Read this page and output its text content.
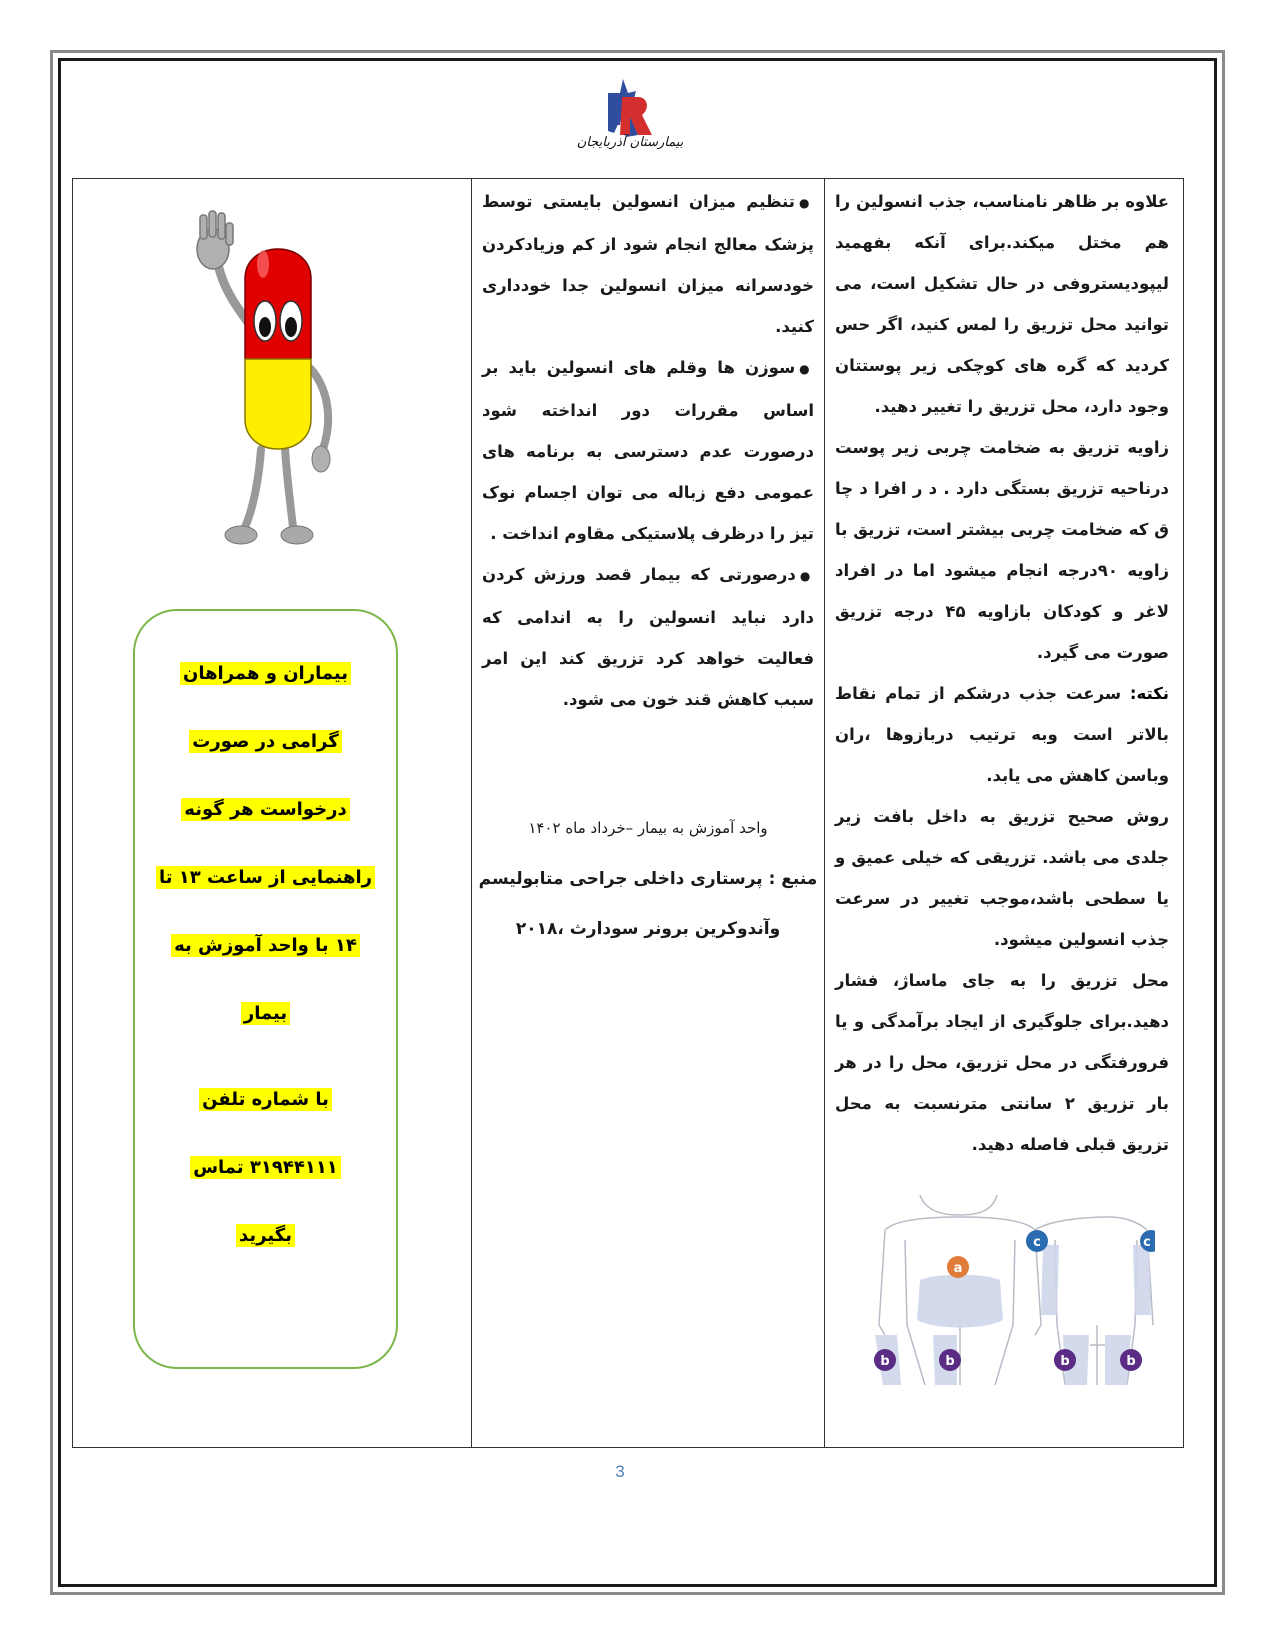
بیمارستان آذربایجان
بیماران و همراهان
گرامی در صورت
درخواست هر گونه
راهنمایی از ساعت ۱۳ تا
۱۴ با واحد آموزش به
بیمار
با شماره تلفن
۳۱۹۴۴۱۱۱ تماس
بگیرید

● تنظیم میزان انسولین بایستی توسط پزشک معالج انجام شود از کم وزیادکردن خودسرانه میزان انسولین جدا خودداری کنید.

● سوزن ها وقلم های انسولین باید بر اساس مقررات دور انداخته شود درصورت عدم دسترسی به برنامه های عمومی دفع زباله می توان اجسام نوک تیز را درظرف پلاستیکی مقاوم انداخت .

● درصورتی که بیمار قصد ورزش کردن دارد نباید انسولین را به اندامی که فعالیت خواهد کرد تزریق کند این امر سبب کاهش قند خون می شود.

واحد آموزش به بیمار –خرداد ماه ۱۴۰۲
منبع : پرستاری داخلی جراحی متابولیسم
وآندوکرین برونر سودارث ،۲۰۱۸

علاوه بر ظاهر نامناسب، جذب انسولین را هم مختل میکند.برای آنکه بفهمید لیپودیستروفی در حال تشکیل است، می توانید محل تزریق را لمس کنید، اگر حس کردید که گره های کوچکی زیر پوستتان وجود دارد، محل تزریق را تغییر دهید.

زاویه تزریق به ضخامت چربی زیر پوست درناحیه تزریق بستگی دارد . د ر افرا د چا ق که ضخامت چربی بیشتر است، تزریق با زاویه ۹۰درجه انجام میشود اما در افراد لاغر و کودکان بازاویه ۴۵ درجه تزریق صورت می گیرد.

نکته: سرعت جذب درشکم از تمام نقاط بالاتر است وبه ترتیب دربازوها ،ران وباسن کاهش می یابد.

روش صحیح تزریق به داخل بافت زیر جلدی می باشد. تزریقی که خیلی عمیق و یا سطحی باشد،موجب تغییر در سرعت جذب انسولین میشود.

محل تزریق را به جای ماساژ، فشار دهید.برای جلوگیری از ایجاد برآمدگی و یا فرورفتگی در محل تزریق، محل را در هر بار تزریق ۲ سانتی مترنسبت به محل تزریق قبلی فاصله دهید.

a
b	b	b	b
c	c
3
